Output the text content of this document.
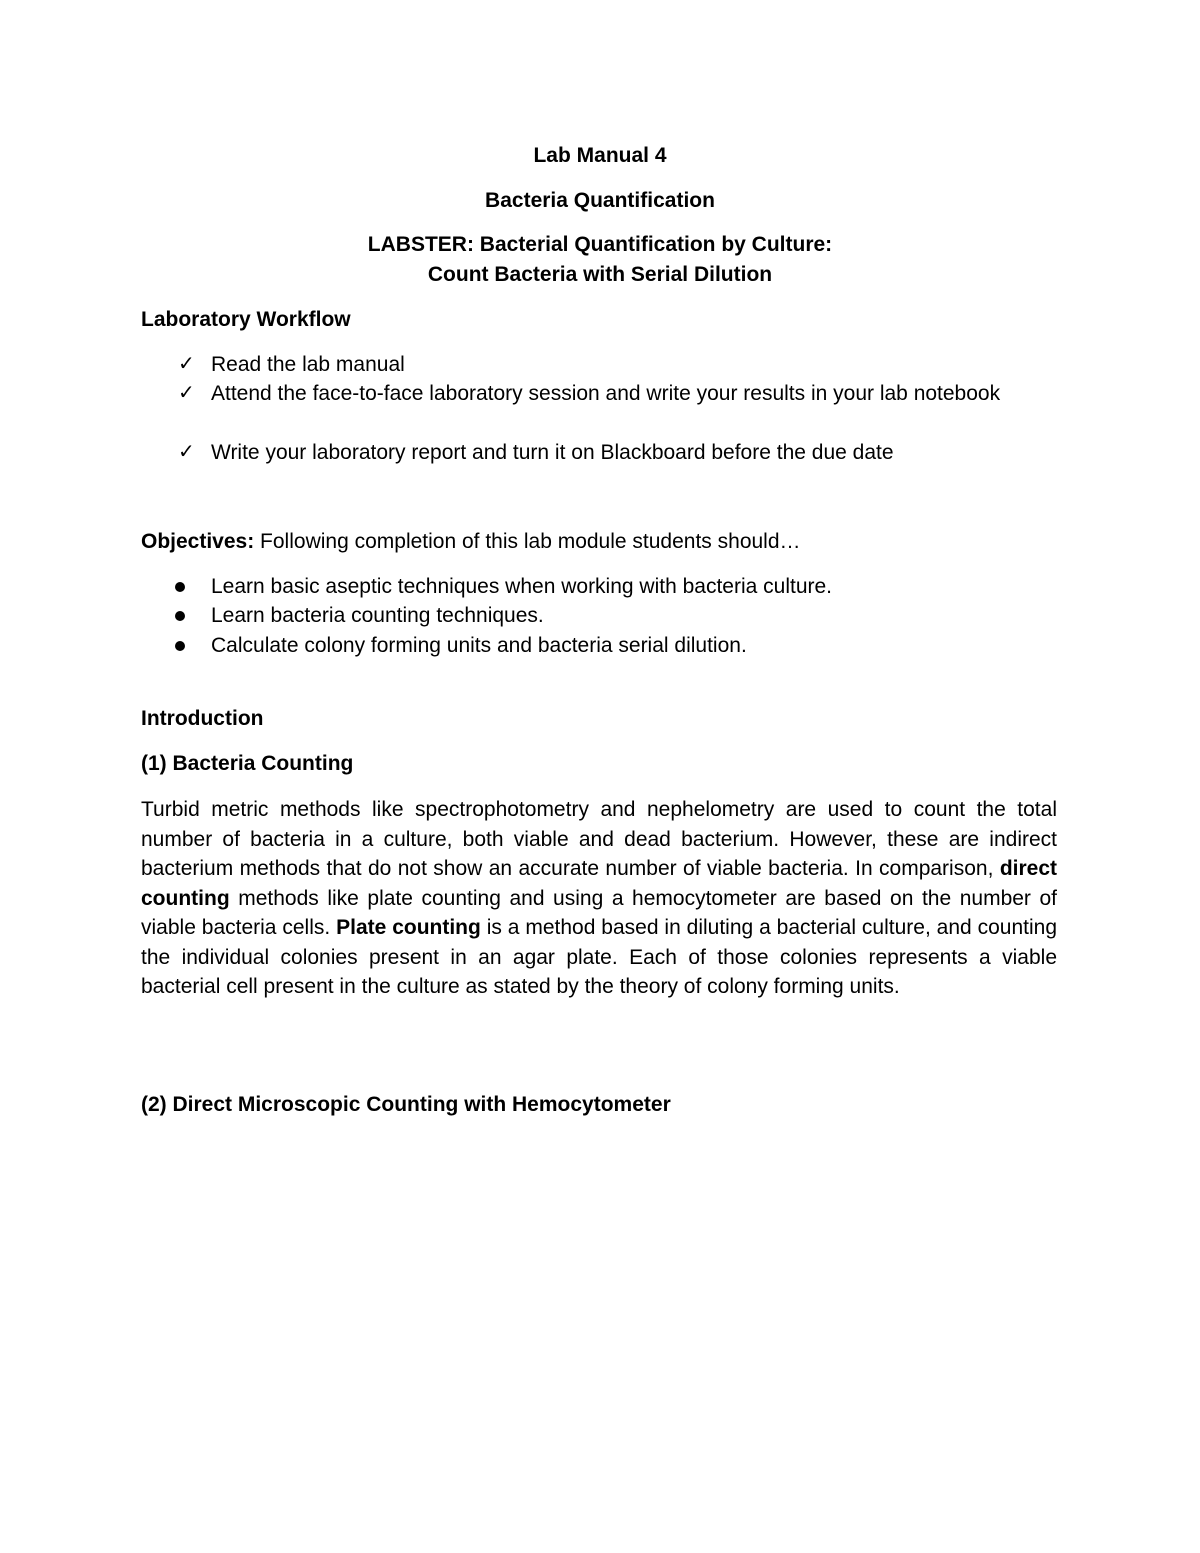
Lab Manual 4
Bacteria Quantification
LABSTER: Bacterial Quantification by Culture:
Count Bacteria with Serial Dilution
Laboratory Workflow
✓ Read the lab manual
✓ Attend the face-to-face laboratory session and write your results in your lab notebook
✓ Write your laboratory report and turn it on Blackboard before the due date
Objectives: Following completion of this lab module students should…
Learn basic aseptic techniques when working with bacteria culture.
Learn bacteria counting techniques.
Calculate colony forming units and bacteria serial dilution.
Introduction
(1) Bacteria Counting
Turbid metric methods like spectrophotometry and nephelometry are used to count the total number of bacteria in a culture, both viable and dead bacterium. However, these are indirect bacterium methods that do not show an accurate number of viable bacteria. In comparison, direct counting methods like plate counting and using a hemocytometer are based on the number of viable bacteria cells. Plate counting is a method based in diluting a bacterial culture, and counting the individual colonies present in an agar plate. Each of those colonies represents a viable bacterial cell present in the culture as stated by the theory of colony forming units.
(2) Direct Microscopic Counting with Hemocytometer
